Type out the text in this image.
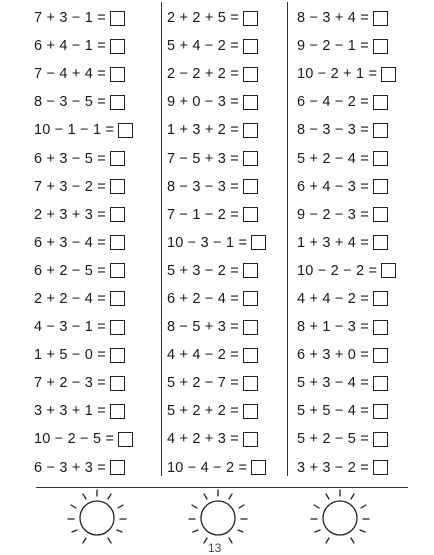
7 + 3 − 1 =
6 + 4 − 1 =
7 − 4 + 4 =
8 − 3 − 5 =
10 − 1 − 1 =
6 + 3 − 5 =
7 + 3 − 2 =
2 + 3 + 3 =
6 + 3 − 4 =
6 + 2 − 5 =
2 + 2 − 4 =
4 − 3 − 1 =
1 + 5 − 0 =
7 + 2 − 3 =
3 + 3 + 1 =
10 − 2 − 5 =
6 − 3 + 3 =
2 + 2 + 5 =
5 + 4 − 2 =
2 − 2 + 2 =
9 + 0 − 3 =
1 + 3 + 2 =
7 − 5 + 3 =
8 − 3 − 3 =
7 − 1 − 2 =
10 − 3 − 1 =
5 + 3 − 2 =
6 + 2 − 4 =
8 − 5 + 3 =
4 + 4 − 2 =
5 + 2 − 7 =
5 + 2 + 2 =
4 + 2 + 3 =
10 − 4 − 2 =
8 − 3 + 4 =
9 − 2 − 1 =
10 − 2 + 1 =
6 − 4 − 2 =
8 − 3 − 3 =
5 + 2 − 4 =
6 + 4 − 3 =
9 − 2 − 3 =
1 + 3 + 4 =
10 − 2 − 2 =
4 + 4 − 2 =
8 + 1 − 3 =
6 + 3 + 0 =
5 + 3 − 4 =
5 + 5 − 4 =
5 + 2 − 5 =
3 + 3 − 2 =
13
